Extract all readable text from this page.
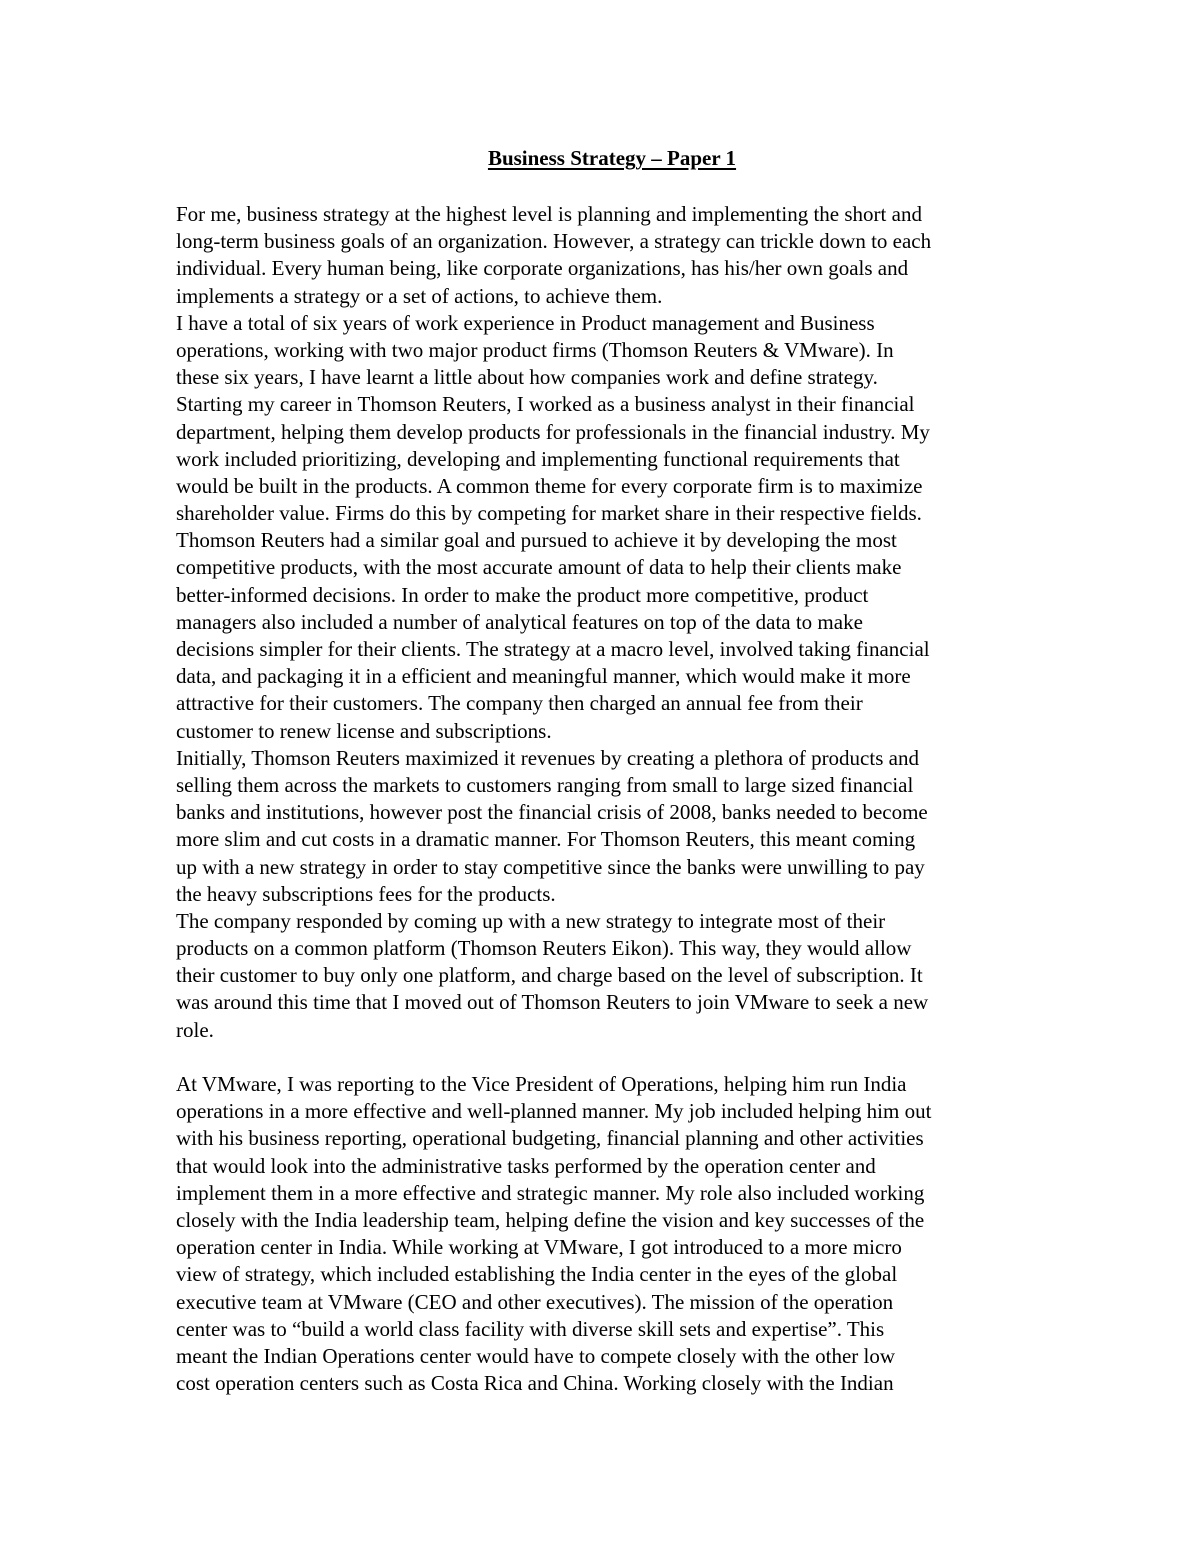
Business Strategy – Paper 1
For me, business strategy at the highest level is planning and implementing the short and
long-term business goals of an organization. However, a strategy can trickle down to each
individual. Every human being, like corporate organizations, has his/her own goals and
implements a strategy or a set of actions, to achieve them.
I have a total of six years of work experience in Product management and Business
operations, working with two major product firms (Thomson Reuters & VMware). In
these six years, I have learnt a little about how companies work and define strategy.
Starting my career in Thomson Reuters, I worked as a business analyst in their financial
department, helping them develop products for professionals in the financial industry. My
work included prioritizing, developing and implementing functional requirements that
would be built in the products. A common theme for every corporate firm is to maximize
shareholder value. Firms do this by competing for market share in their respective fields.
Thomson Reuters had a similar goal and pursued to achieve it by developing the most
competitive products, with the most accurate amount of data to help their clients make
better-informed decisions. In order to make the product more competitive, product
managers also included a number of analytical features on top of the data to make
decisions simpler for their clients. The strategy at a macro level, involved taking financial
data, and packaging it in a efficient and meaningful manner, which would make it more
attractive for their customers. The company then charged an annual fee from their
customer to renew license and subscriptions.
Initially, Thomson Reuters maximized it revenues by creating a plethora of products and
selling them across the markets to customers ranging from small to large sized financial
banks and institutions, however post the financial crisis of 2008, banks needed to become
more slim and cut costs in a dramatic manner. For Thomson Reuters, this meant coming
up with a new strategy in order to stay competitive since the banks were unwilling to pay
the heavy subscriptions fees for the products.
The company responded by coming up with a new strategy to integrate most of their
products on a common platform (Thomson Reuters Eikon). This way, they would allow
their customer to buy only one platform, and charge based on the level of subscription. It
was around this time that I moved out of Thomson Reuters to join VMware to seek a new
role.
At VMware, I was reporting to the Vice President of Operations, helping him run India
operations in a more effective and well-planned manner. My job included helping him out
with his business reporting, operational budgeting, financial planning and other activities
that would look into the administrative tasks performed by the operation center and
implement them in a more effective and strategic manner. My role also included working
closely with the India leadership team, helping define the vision and key successes of the
operation center in India. While working at VMware, I got introduced to a more micro
view of strategy, which included establishing the India center in the eyes of the global
executive team at VMware (CEO and other executives). The mission of the operation
center was to “build a world class facility with diverse skill sets and expertise”. This
meant the Indian Operations center would have to compete closely with the other low
cost operation centers such as Costa Rica and China. Working closely with the Indian
